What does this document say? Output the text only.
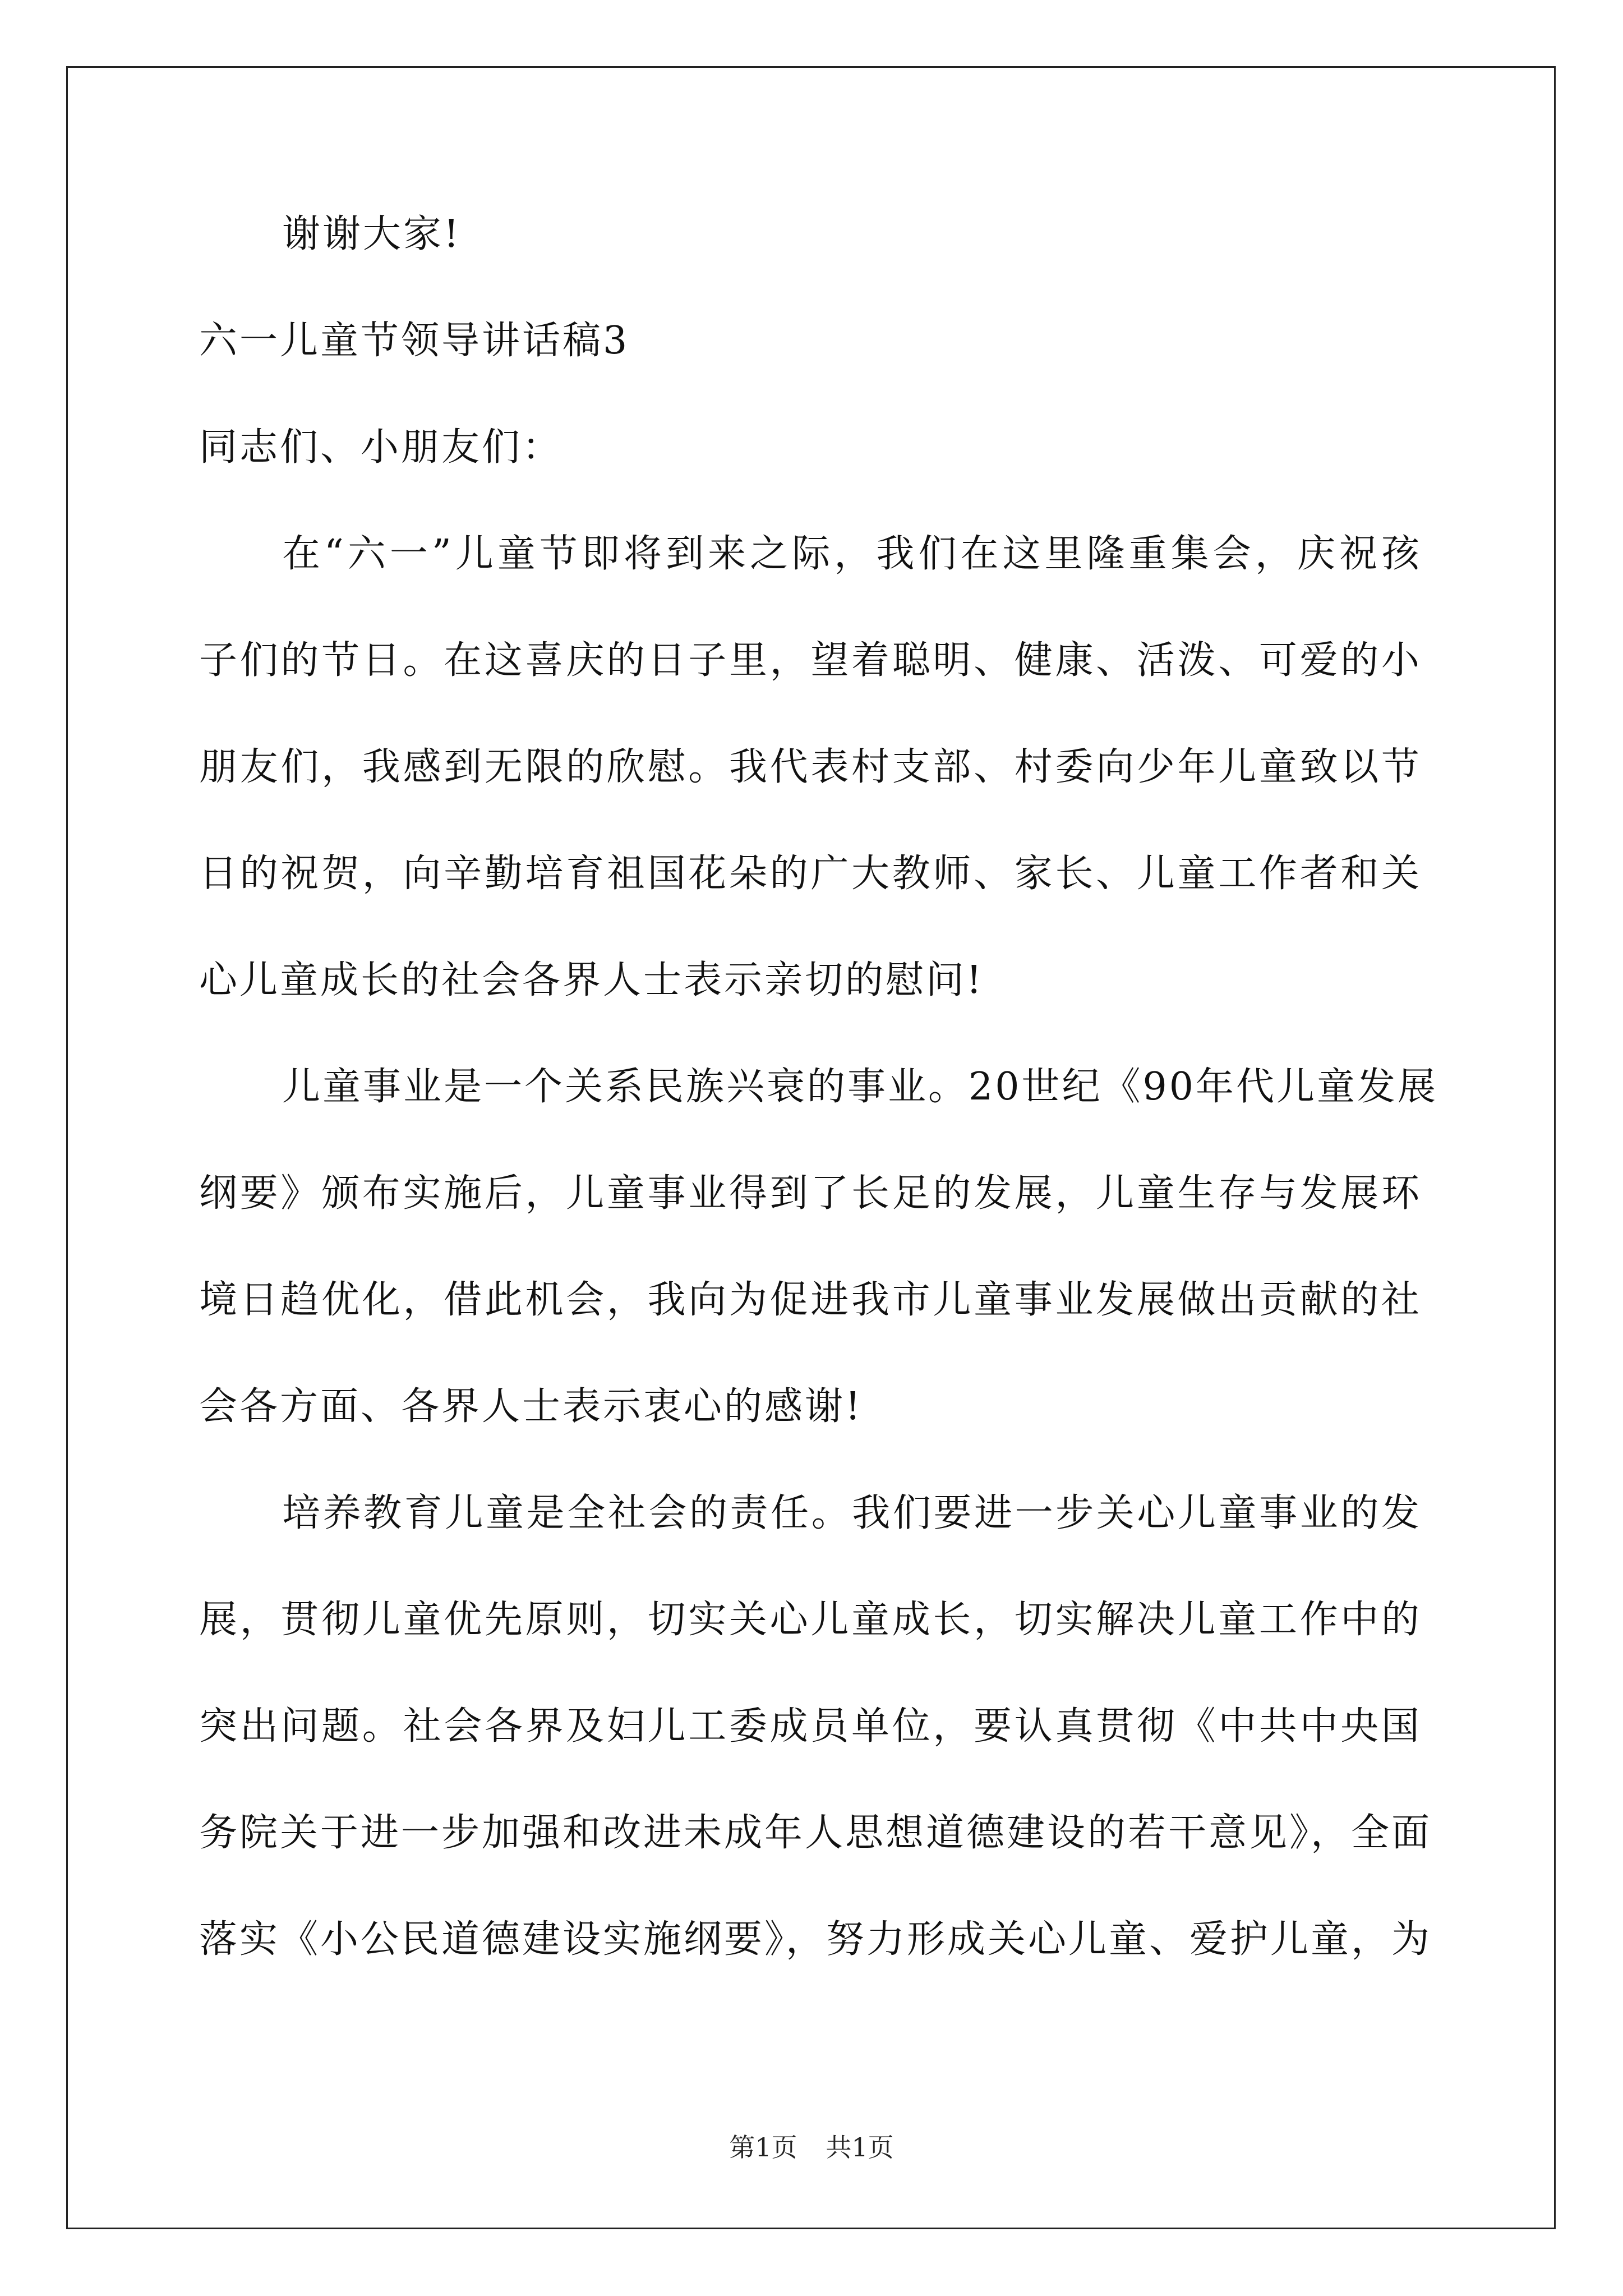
谢谢大家!
六一儿童节领导讲话稿3
同志们、小朋友们：
在“六一”儿童节即将到来之际，我们在这里隆重集会，庆祝孩
子们的节日。在这喜庆的日子里，望着聪明、健康、活泼、可爱的小
朋友们，我感到无限的欣慰。我代表村支部、村委向少年儿童致以节
日的祝贺，向辛勤培育祖国花朵的广大教师、家长、儿童工作者和关
心儿童成长的社会各界人士表示亲切的慰问!
儿童事业是一个关系民族兴衰的事业。20世纪《90年代儿童发展
纲要》颁布实施后，儿童事业得到了长足的发展，儿童生存与发展环
境日趋优化，借此机会，我向为促进我市儿童事业发展做出贡献的社
会各方面、各界人士表示衷心的感谢!
培养教育儿童是全社会的责任。我们要进一步关心儿童事业的发
展，贯彻儿童优先原则，切实关心儿童成长，切实解决儿童工作中的
突出问题。社会各界及妇儿工委成员单位，要认真贯彻《中共中央国
务院关于进一步加强和改进未成年人思想道德建设的若干意见》，全面
落实《小公民道德建设实施纲要》，努力形成关心儿童、爱护儿童，为
第1页 共1页
